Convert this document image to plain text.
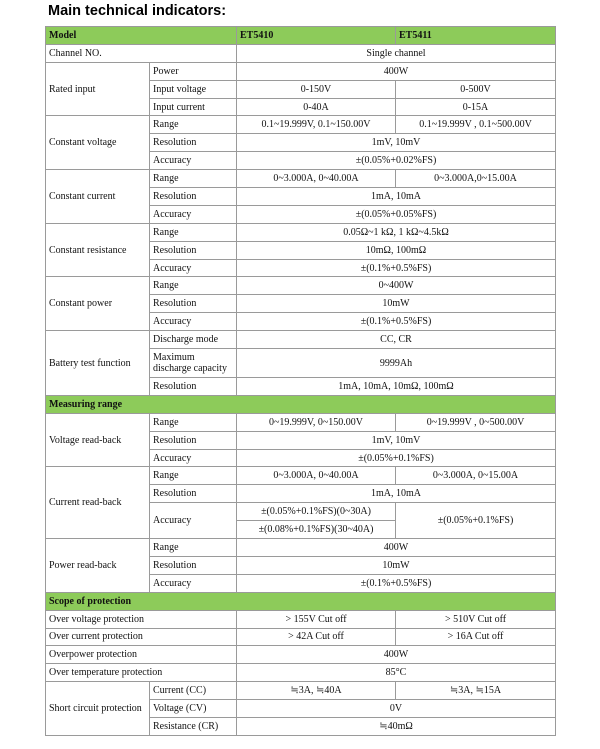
Main technical indicators:
Model		ET5410	ET5411
Channel NO.		Single channel	
Rated input	Power	400W	
	Input voltage	0-150V	0-500V
	Input current	0-40A	0-15A
Constant voltage	Range	0.1~19.999V, 0.1~150.00V	0.1~19.999V , 0.1~500.00V
	Resolution	1mV, 10mV	
	Accuracy	±(0.05%+0.02%FS)	
Constant current	Range	0~3.000A, 0~40.00A	0~3.000A,0~15.00A
	Resolution	1mA, 10mA	
	Accuracy	±(0.05%+0.05%FS)	
Constant resistance	Range	0.05Ω~1 kΩ, 1 kΩ~4.5kΩ	
	Resolution	10mΩ, 100mΩ	
	Accuracy	±(0.1%+0.5%FS)	
Constant power	Range	0~400W	
	Resolution	10mW	
	Accuracy	±(0.1%+0.5%FS)	
Battery test function	Discharge mode	CC, CR	
	Maximum discharge capacity	9999Ah	
	Resolution	1mA, 10mA, 10mΩ, 100mΩ	
Measuring range			
Voltage read-back	Range	0~19.999V, 0~150.00V	0~19.999V , 0~500.00V
	Resolution	1mV, 10mV	
	Accuracy	±(0.05%+0.1%FS)	
Current read-back	Range	0~3.000A, 0~40.00A	0~3.000A, 0~15.00A
	Resolution	1mA, 10mA	
	Accuracy	±(0.05%+0.1%FS)(0~30A)	±(0.05%+0.1%FS)
		±(0.08%+0.1%FS)(30~40A)	
Power read-back	Range	400W	
	Resolution	10mW	
	Accuracy	±(0.1%+0.5%FS)	
Scope of protection			
Over voltage protection		> 155V Cut off	> 510V Cut off
Over current protection		> 42A Cut off	> 16A Cut off
Overpower protection		400W	
Over temperature protection		85°C	
Short circuit protection	Current (CC)	≒3A, ≒40A	≒3A, ≒15A
	Voltage (CV)	0V	
	Resistance (CR)	≒40mΩ	
